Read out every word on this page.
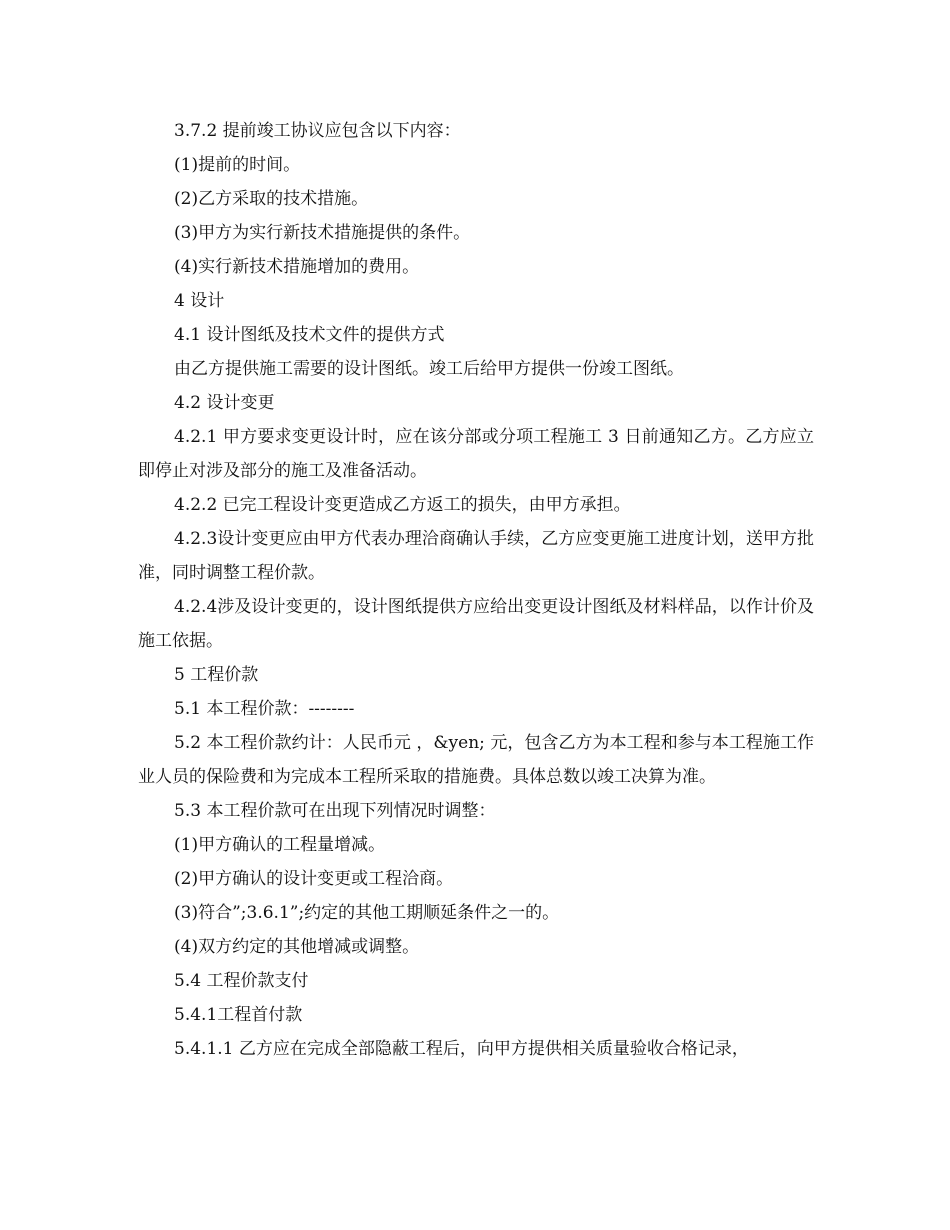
3.7.2 提前竣工协议应包含以下内容：

(1)提前的时间。

(2)乙方采取的技术措施。

(3)甲方为实行新技术措施提供的条件。

(4)实行新技术措施增加的费用。

4 设计

4.1 设计图纸及技术文件的提供方式

由乙方提供施工需要的设计图纸。竣工后给甲方提供一份竣工图纸。

4.2 设计变更

4.2.1 甲方要求变更设计时，应在该分部或分项工程施工 3 日前通知乙方。乙方应立即停止对涉及部分的施工及准备活动。

4.2.2 已完工程设计变更造成乙方返工的损失，由甲方承担。

4.2.3设计变更应由甲方代表办理洽商确认手续，乙方应变更施工进度计划，送甲方批准，同时调整工程价款。

4.2.4涉及设计变更的，设计图纸提供方应给出变更设计图纸及材料样品，以作计价及施工依据。

5 工程价款

5.1 本工程价款：--------

5.2 本工程价款约计：人民币元 ，&yen; 元，包含乙方为本工程和参与本工程施工作业人员的保险费和为完成本工程所采取的措施费。具体总数以竣工决算为准。

5.3 本工程价款可在出现下列情况时调整：

(1)甲方确认的工程量增减。

(2)甲方确认的设计变更或工程洽商。

(3)符合”;3.6.1”;约定的其他工期顺延条件之一的。

(4)双方约定的其他增减或调整。

5.4 工程价款支付

5.4.1工程首付款

5.4.1.1 乙方应在完成全部隐蔽工程后，向甲方提供相关质量验收合格记录，
